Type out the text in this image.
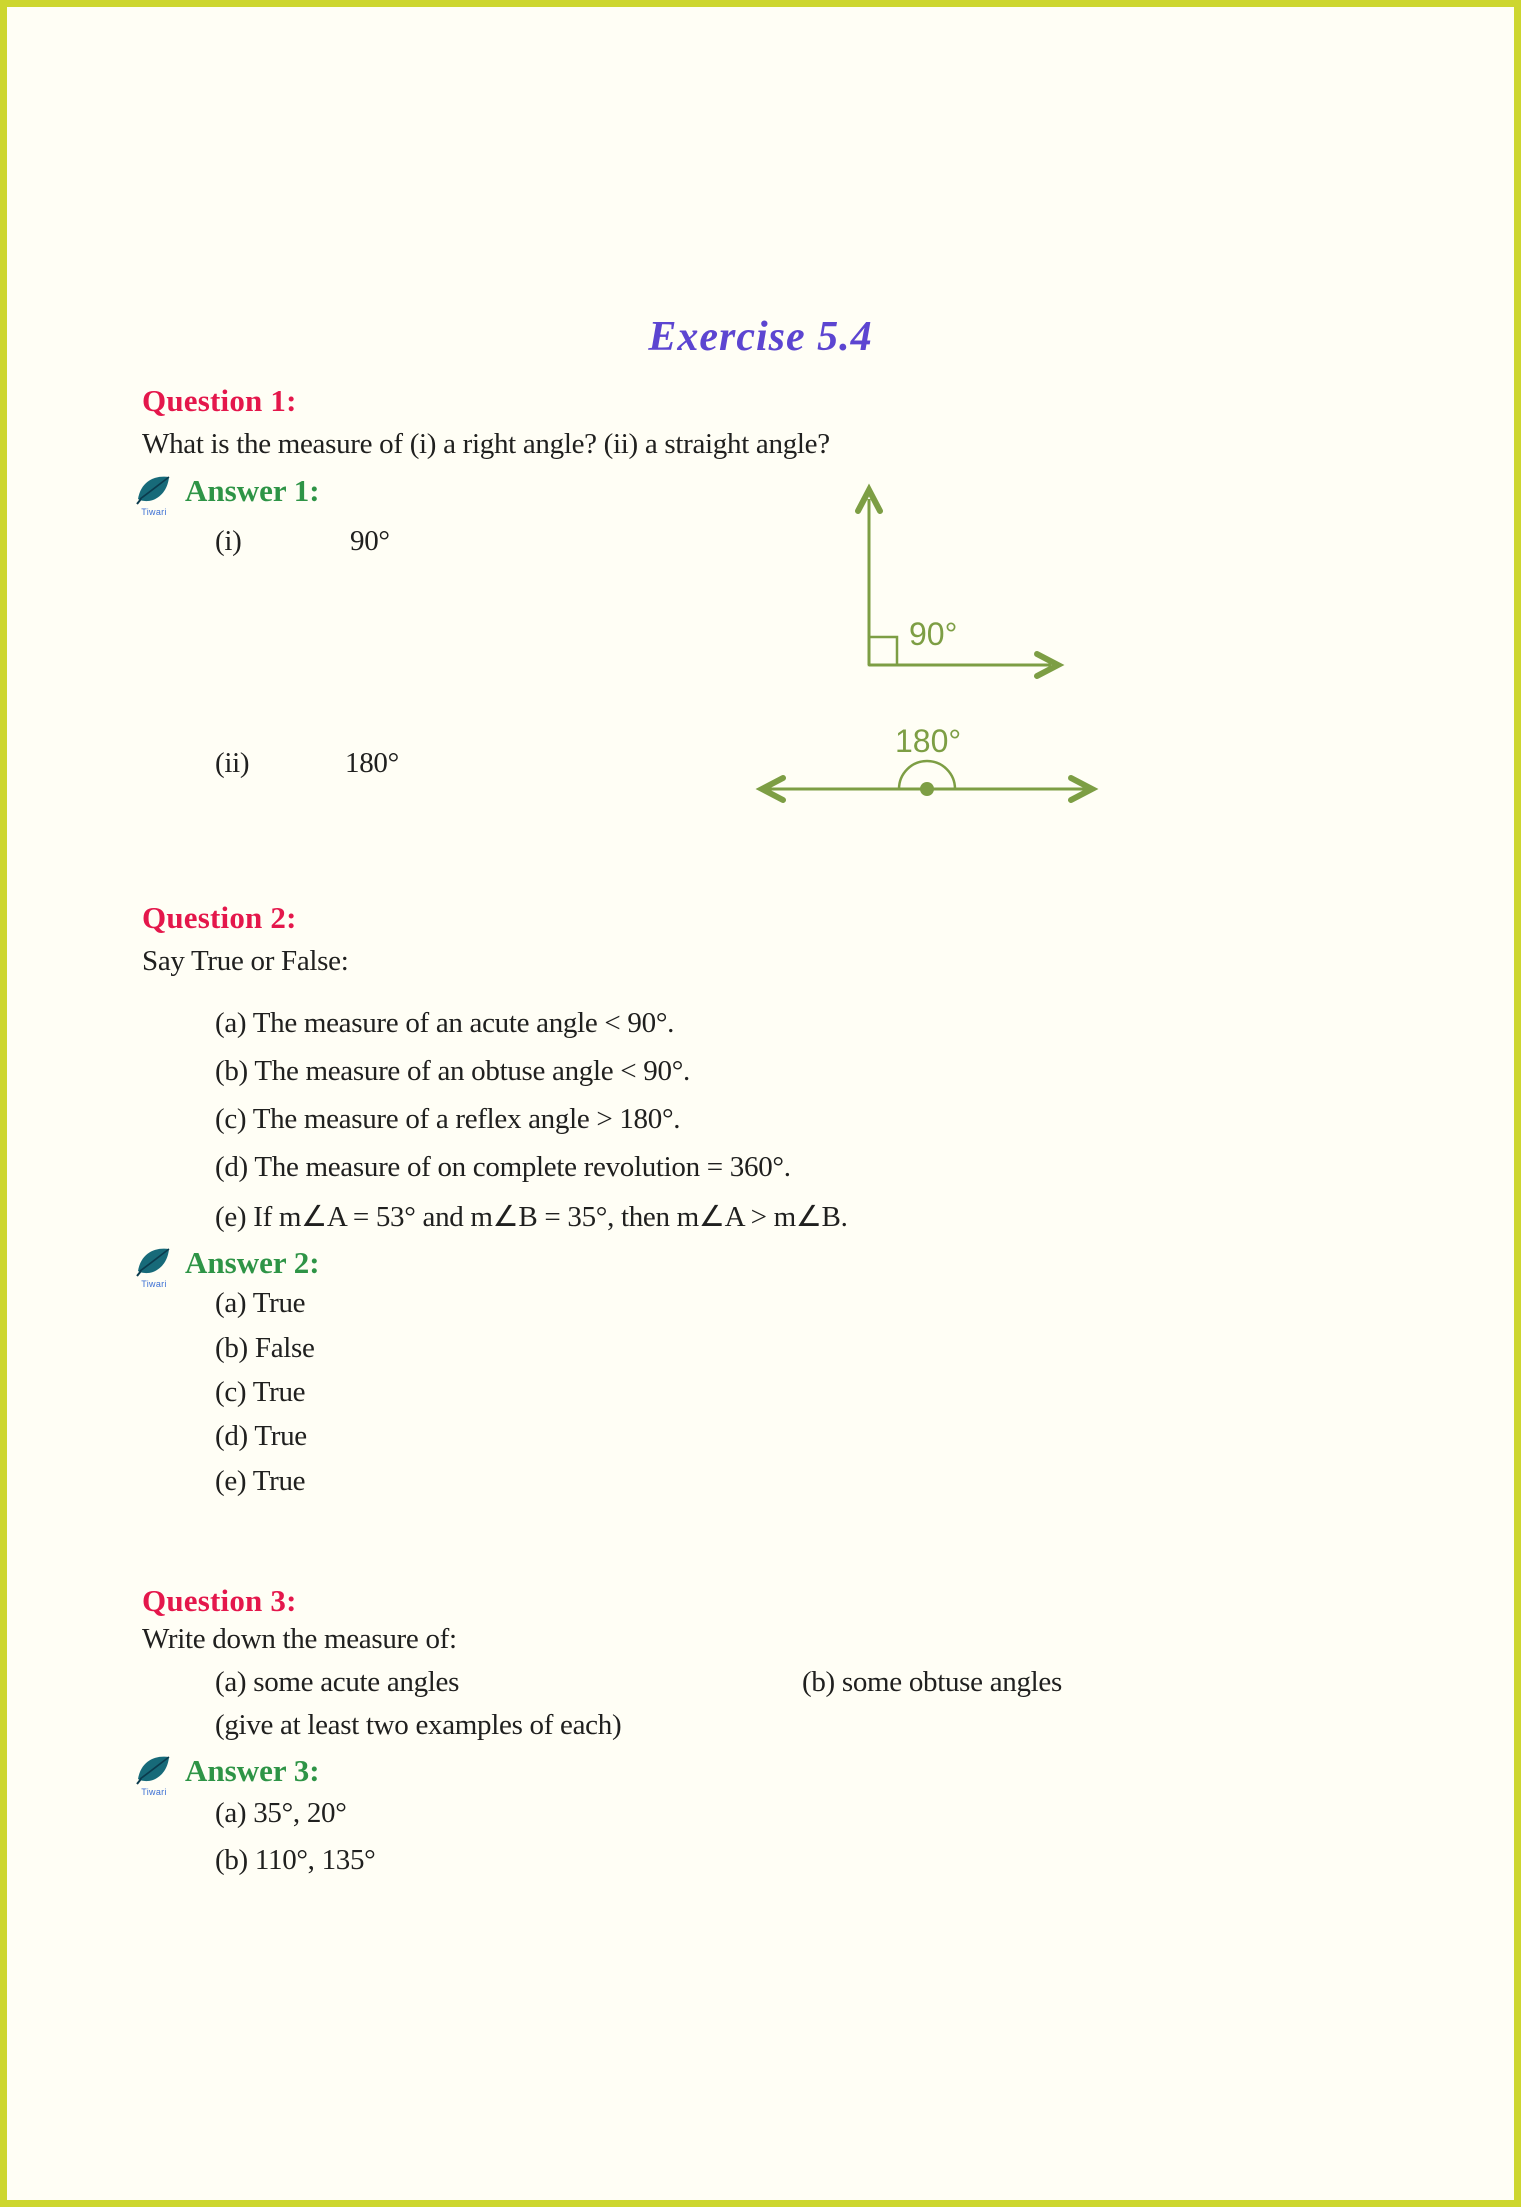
Exercise 5.4
Question 1:
What is the measure of (i) a right angle? (ii) a straight angle?
Tiwari
Answer 1:
(i)	90°
90°
(ii)	180°
180°
Question 2:
Say True or False:
(a) The measure of an acute angle < 90°.
(b) The measure of an obtuse angle < 90°.
(c) The measure of a reflex angle > 180°.
(d) The measure of on complete revolution = 360°.
(e) If m∠A = 53° and m∠B = 35°, then m∠A > m∠B.
Tiwari
Answer 2:
(a) True
(b) False
(c) True
(d) True
(e) True
Question 3:
Write down the measure of:
(a) some acute angles	(b) some obtuse angles
(give at least two examples of each)
Tiwari
Answer 3:
(a) 35°, 20°
(b) 110°, 135°
